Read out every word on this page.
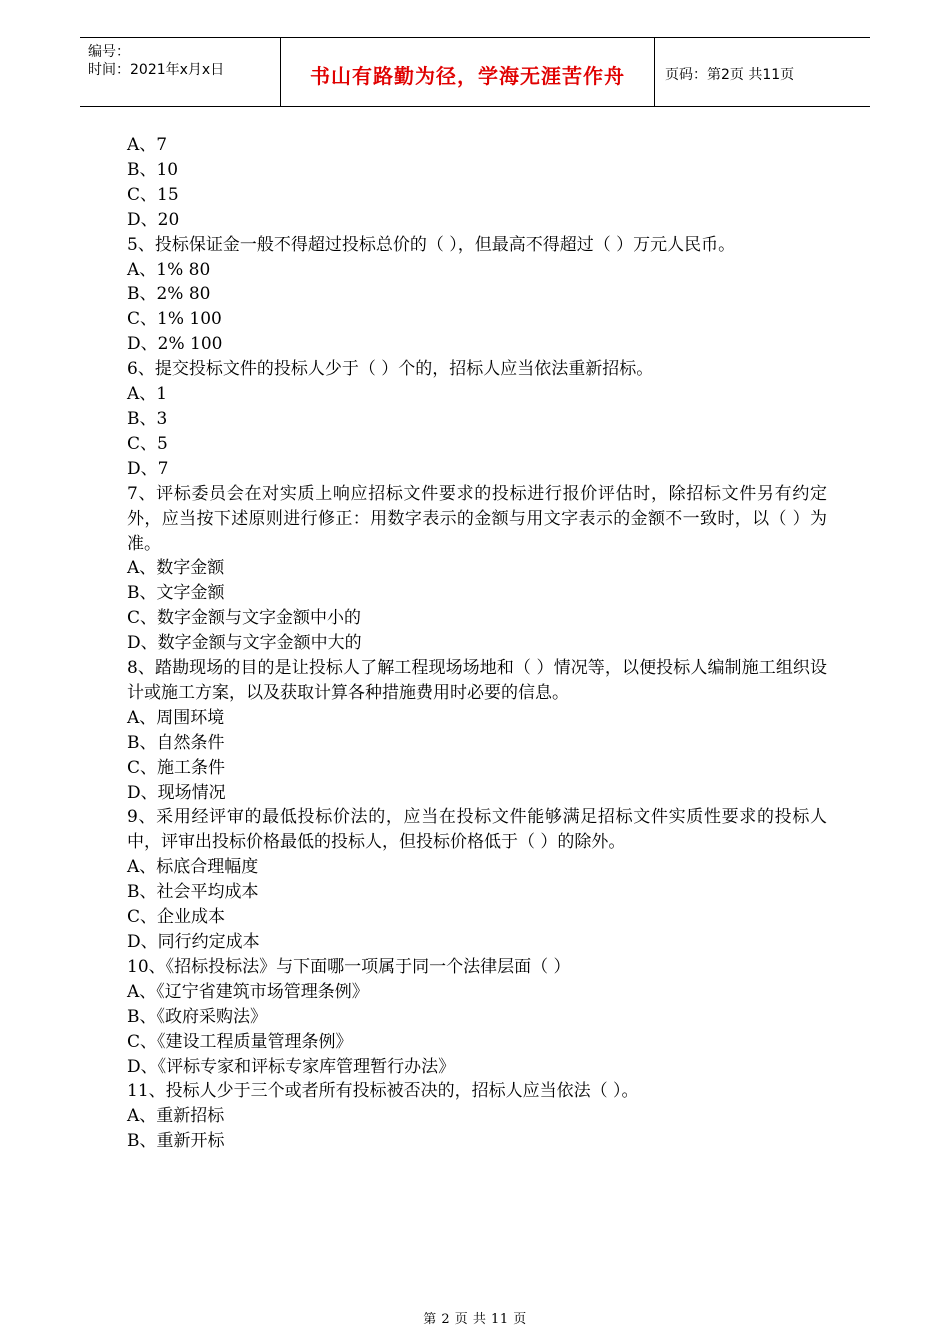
编号：
时间：2021年x月x日	书山有路勤为径，学海无涯苦作舟	页码：第2页 共11页

A、7

B、10

C、15

D、20

5、投标保证金一般不得超过投标总价的（ ），但最高不得超过（ ）万元人民币。

A、1% 80

B、2% 80

C、1% 100

D、2% 100

6、提交投标文件的投标人少于（ ）个的，招标人应当依法重新招标。

A、1

B、3

C、5

D、7

7、评标委员会在对实质上响应招标文件要求的投标进行报价评估时，除招标文件另有约定外，应当按下述原则进行修正：用数字表示的金额与用文字表示的金额不一致时，以（ ）为准。

A、数字金额

B、文字金额

C、数字金额与文字金额中小的

D、数字金额与文字金额中大的

8、踏勘现场的目的是让投标人了解工程现场场地和（ ）情况等，以便投标人编制施工组织设计或施工方案，以及获取计算各种措施费用时必要的信息。

A、周围环境

B、自然条件

C、施工条件

D、现场情况

9、采用经评审的最低投标价法的，应当在投标文件能够满足招标文件实质性要求的投标人中，评审出投标价格最低的投标人，但投标价格低于（ ）的除外。

A、标底合理幅度

B、社会平均成本

C、企业成本

D、同行约定成本

10、《招标投标法》与下面哪一项属于同一个法律层面（ ）

A、《辽宁省建筑市场管理条例》

B、《政府采购法》

C、《建设工程质量管理条例》

D、《评标专家和评标专家库管理暂行办法》

11、投标人少于三个或者所有投标被否决的，招标人应当依法（ ）。

A、重新招标

B、重新开标

第 2 页 共 11 页
